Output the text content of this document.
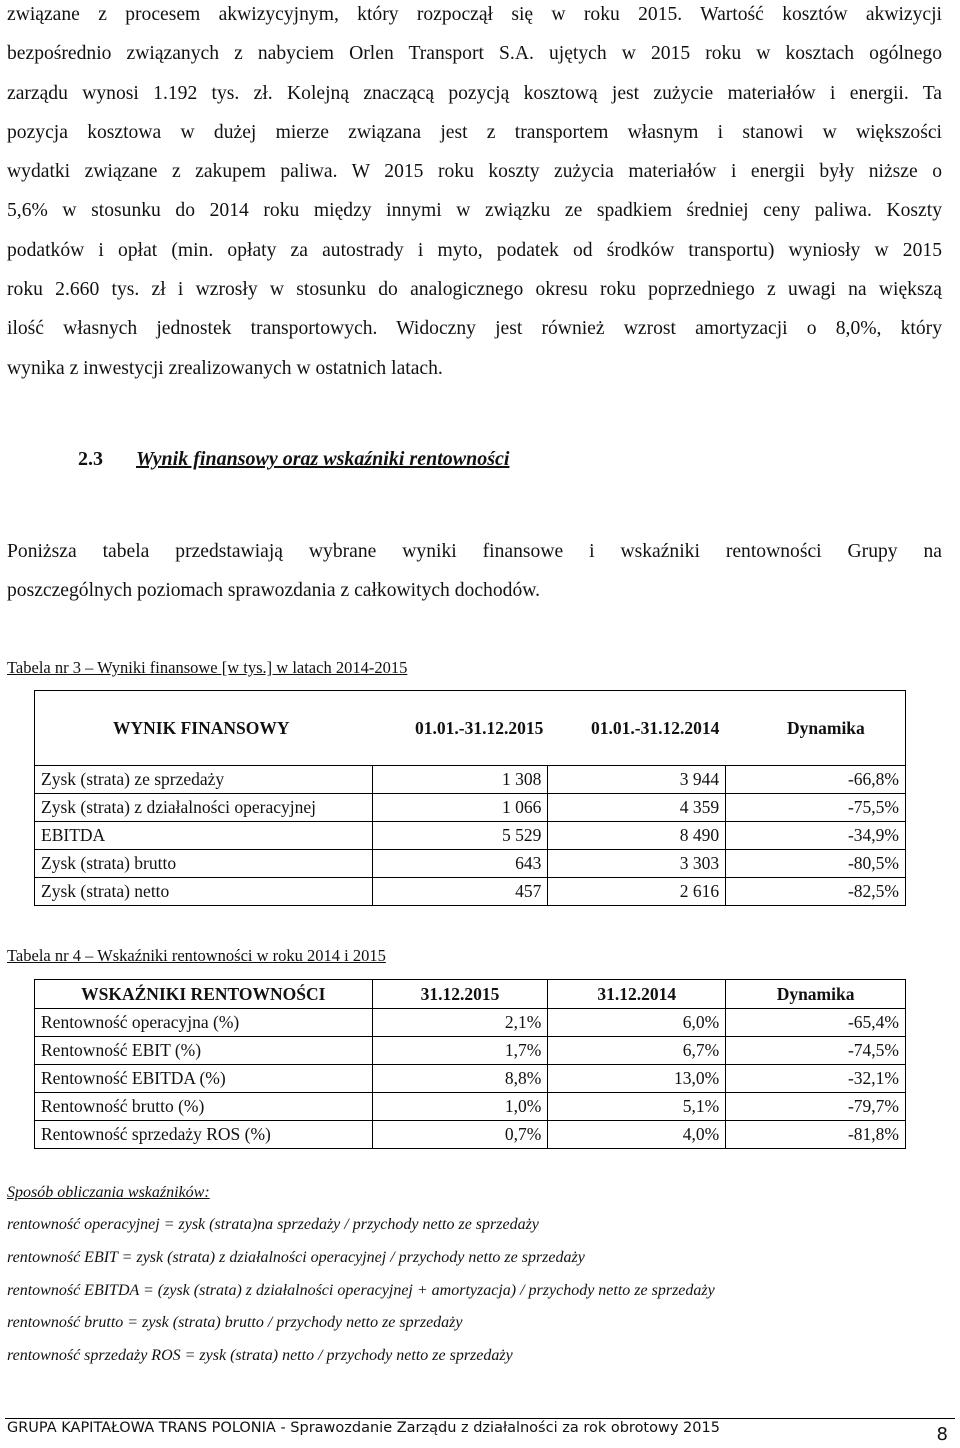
związane z procesem akwizycyjnym, który rozpoczął się w roku 2015. Wartość kosztów akwizycji
bezpośrednio związanych z nabyciem Orlen Transport S.A. ujętych w 2015 roku w kosztach ogólnego
zarządu wynosi 1.192 tys. zł. Kolejną znaczącą pozycją kosztową jest zużycie materiałów i energii. Ta
pozycja kosztowa w dużej mierze związana jest z transportem własnym i stanowi w większości
wydatki związane z zakupem paliwa. W 2015 roku koszty zużycia materiałów i energii były niższe o
5,6% w stosunku do 2014 roku między innymi w związku ze spadkiem średniej ceny paliwa. Koszty
podatków i opłat (min. opłaty za autostrady i myto, podatek od środków transportu) wyniosły w 2015
roku 2.660 tys. zł i wzrosły w stosunku do analogicznego okresu roku poprzedniego z uwagi na większą
ilość własnych jednostek transportowych. Widoczny jest również wzrost amortyzacji o 8,0%, który
wynika z inwestycji zrealizowanych w ostatnich latach.

2.3 Wynik finansowy oraz wskaźniki rentowności

Poniższa tabela przedstawiają wybrane wyniki finansowe i wskaźniki rentowności Grupy na
poszczególnych poziomach sprawozdania z całkowitych dochodów.

Tabela nr 3 – Wyniki finansowe [w tys.] w latach 2014-2015
WYNIK FINANSOWY	01.01.-31.12.2015	01.01.-31.12.2014	Dynamika
Zysk (strata) ze sprzedaży	1 308	3 944	-66,8%
Zysk (strata) z działalności operacyjnej	1 066	4 359	-75,5%
EBITDA	5 529	8 490	-34,9%
Zysk (strata) brutto	643	3 303	-80,5%
Zysk (strata) netto	457	2 616	-82,5%
Tabela nr 4 – Wskaźniki rentowności w roku 2014 i 2015
WSKAŹNIKI RENTOWNOŚCI	31.12.2015	31.12.2014	Dynamika
Rentowność operacyjna (%)	2,1%	6,0%	-65,4%
Rentowność EBIT (%)	1,7%	6,7%	-74,5%
Rentowność EBITDA (%)	8,8%	13,0%	-32,1%
Rentowność brutto (%)	1,0%	5,1%	-79,7%
Rentowność sprzedaży ROS (%)	0,7%	4,0%	-81,8%
Sposób obliczania wskaźników:
rentowność operacyjnej = zysk (strata)na sprzedaży / przychody netto ze sprzedaży
rentowność EBIT = zysk (strata) z działalności operacyjnej / przychody netto ze sprzedaży
rentowność EBITDA = (zysk (strata) z działalności operacyjnej + amortyzacja) / przychody netto ze sprzedaży
rentowność brutto = zysk (strata) brutto / przychody netto ze sprzedaży
rentowność sprzedaży ROS = zysk (strata) netto / przychody netto ze sprzedaży
GRUPA KAPITAŁOWA TRANS POLONIA - Sprawozdanie Zarządu z działalności za rok obrotowy 2015	8
